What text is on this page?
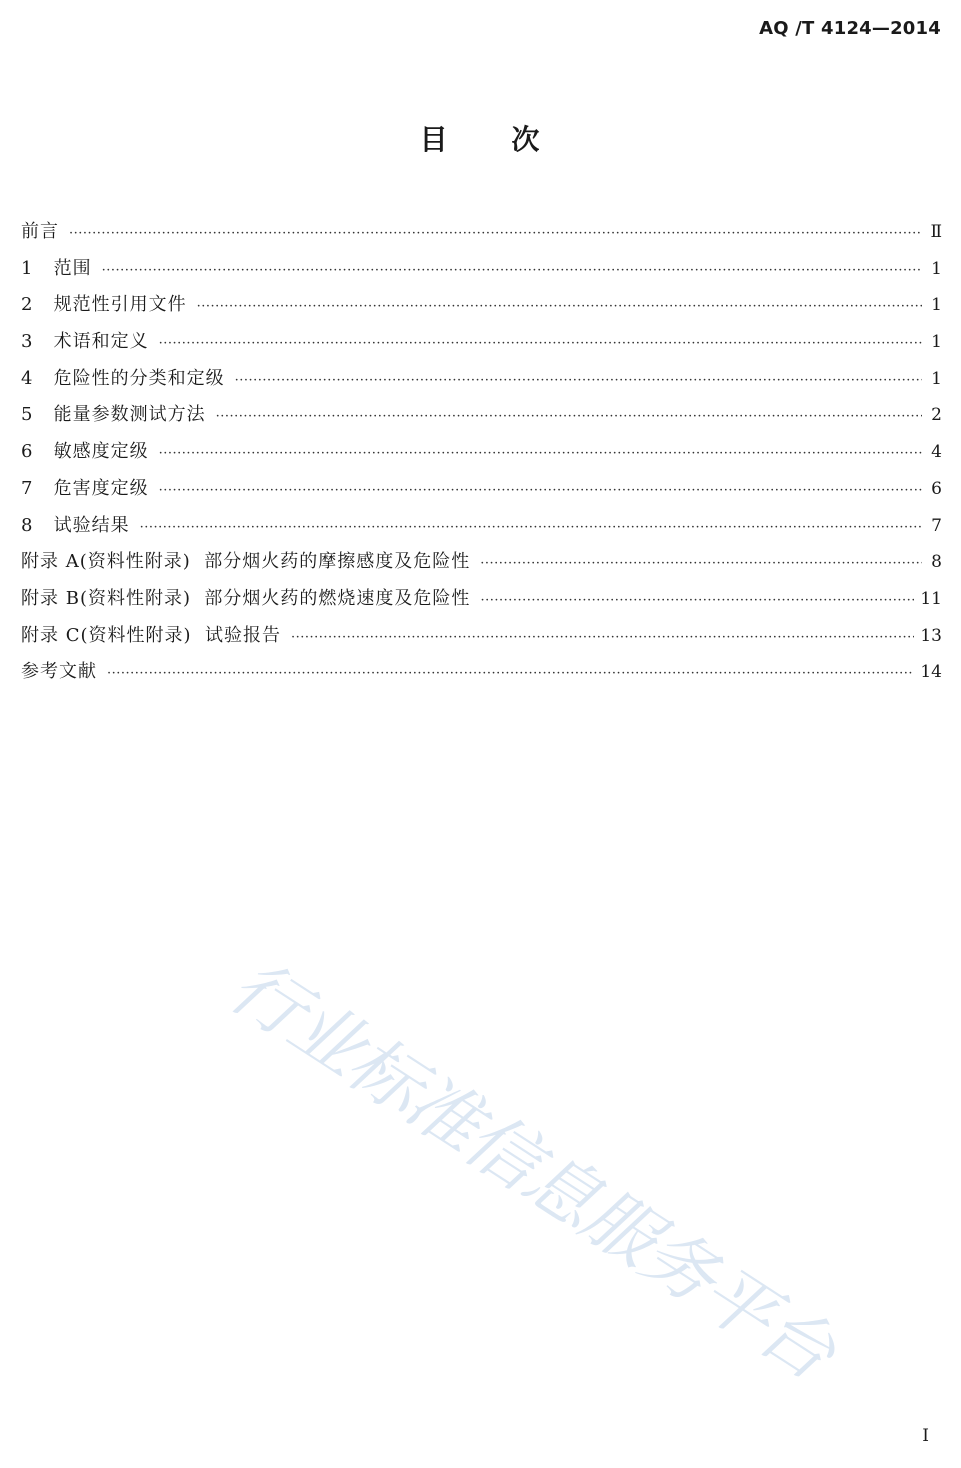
AQ /T 4124—2014
目 次
前言 ·····	Ⅱ
1   范围 ·····	1
2   规范性引用文件 ·····	1
3   术语和定义 ·····	1
4   危险性的分类和定级 ·····	1
5   能量参数测试方法 ·····	2
6   敏感度定级 ·····	4
7   危害度定级 ·····	6
8   试验结果 ·····	7
附录 A(资料性附录)  部分烟火药的摩擦感度及危险性 ·····	8
附录 B(资料性附录)  部分烟火药的燃烧速度及危险性 ·····	11
附录 C(资料性附录)  试验报告 ·····	13
参考文献 ·····	14
行业标准信息服务平台
Ⅰ
